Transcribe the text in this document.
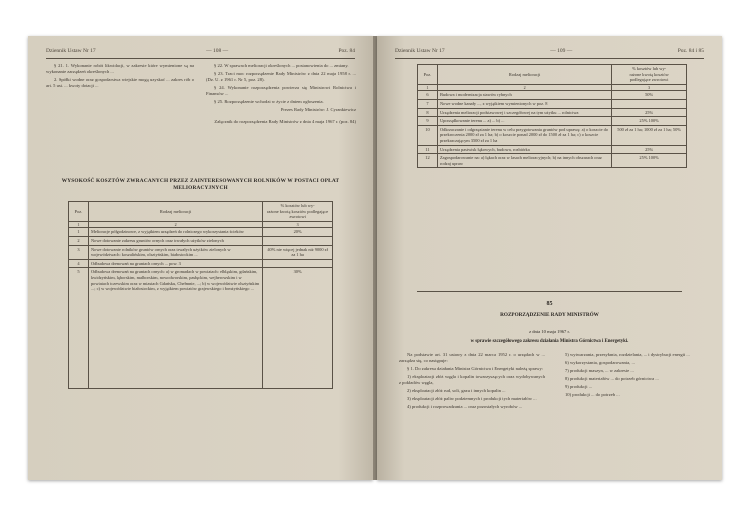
Dziennik Ustaw Nr 17	— 108 —	Poz. 84

§ 21. 1. Wykonanie robót likwidacji, w zakresie które wymienione są na wykonanie zarządzeń określonych ...

2. Spółki wodne oraz gospodarstwa wiejskie mogą uzyskać ... zakres rób o art. 5 ust. ... kwoty dotacji ...

§ 22. W sprawach melioracji określonych ... postanowienia do ... zmiany.

§ 23. Traci moc rozporządzenie Rady Ministrów z dnia 22 maja 1958 r. ... (Dz. U. z 1961 r. Nr 5, poz. 28).

§ 24. Wykonanie rozporządzenia powierza się Ministrowi Rolnictwa i Finansów ...

§ 25. Rozporządzenie wchodzi w życie z dniem ogłoszenia.

Prezes Rady Ministrów: J. Cyrankiewicz
Załącznik do rozporządzenia Rady Ministrów z dnia 4 maja 1967 r. (poz. 84)
WYSOKOŚĆ KOSZTÓW ZWRACANYCH PRZEZ ZAINTERESOWANYCH ROLNIKÓW W POSTACI OPŁAT MELIORACYJNYCH
Poz.	Rodzaj melioracji	% kosztów lub wy-
rażone kwotą kosztów podlegające
zwrotowi
1	2	3
1	Melioracje półgodzinowe, z wyjątkiem urządzeń do rolniczego wykorzystania ścieków	20%
2	Nowe dotowanie zakresu gruntów ornych oraz trwałych użytków zielonych	
3	Nowe dotowanie rolników gruntów ornych oraz trwałych użytków zielonych w województwach: koszalińskim, olsztyńskim, białostockim ...	40% nie więcej jednak niż 9000 zł za 1 ha
4	Odbudowa drenowań na gruntach ornych ... pow. 3	
5	Odbudowa drenowań na gruntach ornych: a) w gromadach w powiatach: elbląskim, gdańskim, kwidzyńskim, lęborskim, malborskim, nowodworskim, pasłęckim, wejherowskim i w powiatach tczewskim oraz w miastach Gdańsku, Chełmnie, ...; b) w województwie olsztyńskim ...; c) w województwie białostockim, z wyjątkiem powiatów grajewskiego i łomżyńskiego ...	30%
Dziennik Ustaw Nr 17	— 109 —	Poz. 84 i 85
Poz.	Rodzaj melioracji	% kosztów lub wy-
rażone kwotą kosztów
podlegające zwrotowi
1	2	3
6	Budowa i modernizacja stawów rybnych	50%
7	Nowe wodne kanały ..., z wyjątkiem wymienionych w poz. 8	
8	Urządzenia melioracji podstawowej i szczegółowej na tym użytku ... rolnictwa	25%
9	Uporządkowanie terenu ... a) ... b) ...	25% 100%
10	Odkrzaczanie i odgrzęzianie terenu w celu przygotowania gruntów pod uprawę: a) o koszcie do przekroczenia 2000 zł za 1 ha; b) o koszcie ponad 2000 zł do 1500 zł za 1 ha; c) o koszcie przekraczającym 3500 zł za 1 ha	500 zł za 1 ha; 1000 zł za 1 ha; 50%
11	Urządzenia pastwisk łąkowych, budowa, rozbiórka	25%
12	Zagospodarowanie na: a) łąkach oraz w lasach melioracyjnych; b) na innych obszarach oraz rodzaj upraw	25% 100%
85
ROZPORZĄDZENIE RADY MINISTRÓW
z dnia 10 maja 1967 r.
w sprawie szczegółowego zakresu działania Ministra Górnictwa i Energetyki.

Na podstawie art. 31 ustawy z dnia 22 marca 1952 r. o urzędach w ... zarządza się, co następuje:

§ 1. Do zakresu działania Ministra Górnictwa i Energetyki należą sprawy:

1) eksploatacji złóż węgla i kopalin towarzyszących oraz wydobywanych z pokładów węgla,

2) eksploatacji złóż rud, soli, gazu i innych kopalin ...

3) eksploatacji złóż paliw podziemnych i produkcji tych materiałów ...

4) produkcji i rozprowadzania ... oraz pozostałych wyrobów ...

5) wytwarzania, przesyłania, rozdzielania, ... i dystrybucji energii ...

6) wykorzystania, gospodarowania, ...

7) produkcji maszyn, ... w zakresie ...

8) produkcji materiałów ... do potrzeb górnictwa ...

9) produkcji ...

10) produkcji ... do potrzeb ...
